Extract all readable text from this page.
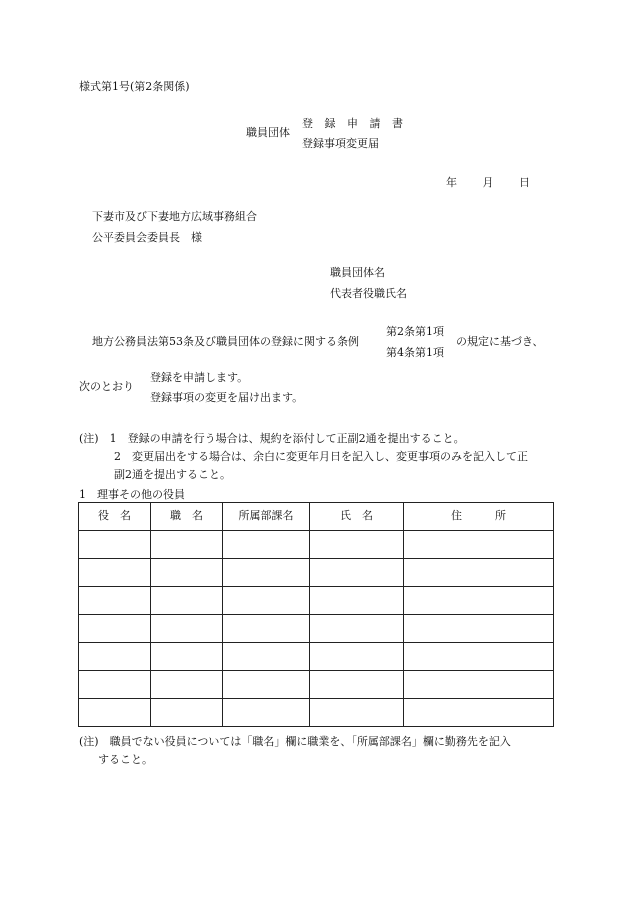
様式第1号(第2条関係)
職員団体
登 録 申 請 書
登録事項変更届
年 月 日
下妻市及び下妻地方広域事務組合
公平委員会委員長　様
職員団体名
代表者役職氏名
地方公務員法第53条及び職員団体の登録に関する条例
第2条第1項
第4条第1項
の規定に基づき、
次のとおり
登録を申請します。
登録事項の変更を届け出ます。
(注)　1　登録の申請を行う場合は、規約を添付して正副2通を提出すること。
2　変更届出をする場合は、余白に変更年月日を記入し、変更事項のみを記入して正
副2通を提出すること。
1　理事その他の役員
役　名	職　名	所属部課名	氏　名	住　　　所

(注)　職員でない役員については「職名」欄に職業を、「所属部課名」欄に勤務先を記入
すること。
